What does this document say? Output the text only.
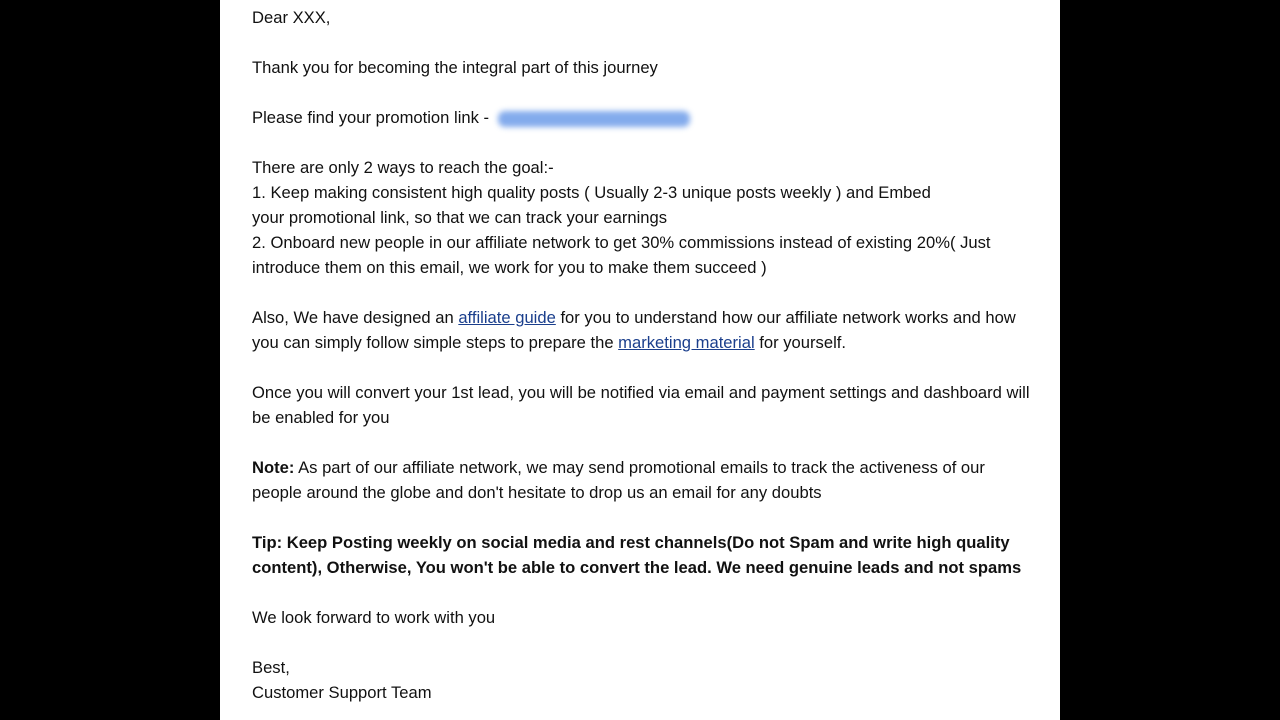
Dear XXX,
Thank you for becoming the integral part of this journey
Please find your promotion link -
There are only 2 ways to reach the goal:-
1. Keep making consistent high quality posts ( Usually 2-3 unique posts weekly ) and Embed
your promotional link, so that we can track your earnings
2. Onboard new people in our affiliate network to get 30% commissions instead of existing 20%( Just
introduce them on this email, we work for you to make them succeed )
Also, We have designed an affiliate guide for you to understand how our affiliate network works and how
you can simply follow simple steps to prepare the marketing material for yourself.
Once you will convert your 1st lead, you will be notified via email and payment settings and dashboard will
be enabled for you
Note: As part of our affiliate network, we may send promotional emails to track the activeness of our
people around the globe and don't hesitate to drop us an email for any doubts
Tip: Keep Posting weekly on social media and rest channels(Do not Spam and write high quality
content), Otherwise, You won't be able to convert the lead. We need genuine leads and not spams
We look forward to work with you
Best,
Customer Support Team
